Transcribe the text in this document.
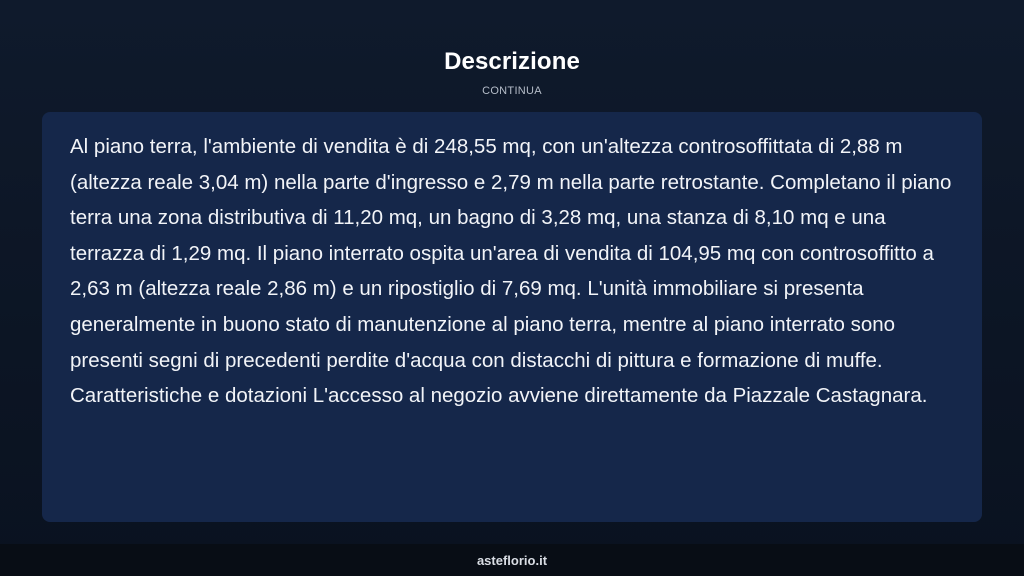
Descrizione
CONTINUA

Al piano terra, l'ambiente di vendita è di 248,55 mq, con un'altezza controsoffittata di 2,88 m (altezza reale 3,04 m) nella parte d'ingresso e 2,79 m nella parte retrostante. Completano il piano terra una zona distributiva di 11,20 mq, un bagno di 3,28 mq, una stanza di 8,10 mq e una terrazza di 1,29 mq. Il piano interrato ospita un'area di vendita di 104,95 mq con controsoffitto a 2,63 m (altezza reale 2,86 m) e un ripostiglio di 7,69 mq. L'unità immobiliare si presenta generalmente in buono stato di manutenzione al piano terra, mentre al piano interrato sono presenti segni di precedenti perdite d'acqua con distacchi di pittura e formazione di muffe. Caratteristiche e dotazioni L'accesso al negozio avviene direttamente da Piazzale Castagnara.

asteflorio.it
